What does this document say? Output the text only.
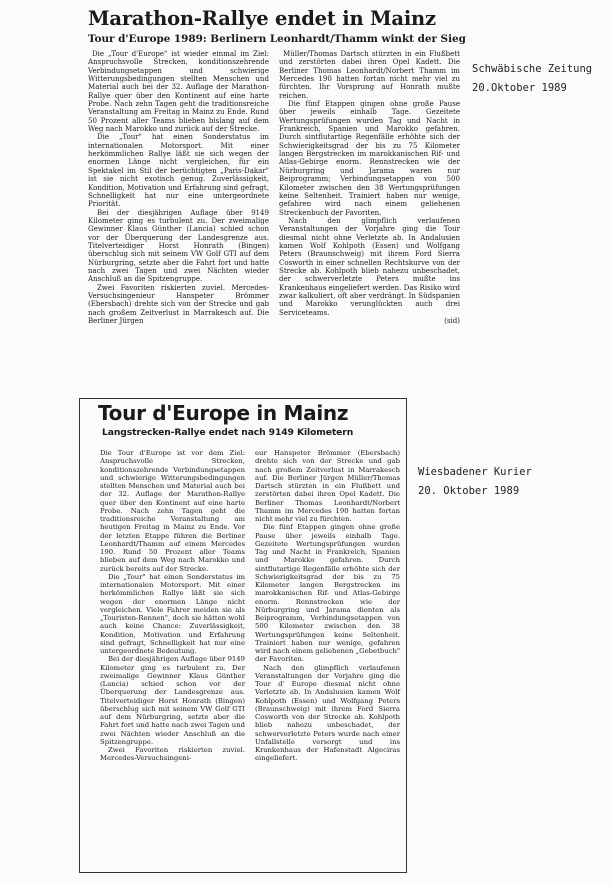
Marathon-Rallye endet in Mainz
Tour d'Europe 1989: Berlinern Leonhardt/Thamm winkt der Sieg

Die „Tour d'Europe" ist wieder einmal im Ziel: Anspruchsvolle Strecken, konditionszehrende Verbindungsetappen und schwierige Witterungsbedingungen stellten Menschen und Material auch bei der 32. Auflage der Marathon-Rallye quer über den Kontinent auf eine harte Probe. Nach zehn Tagen geht die traditionsreiche Veranstaltung am Freitag in Mainz zu Ende. Rund 50 Prozent aller Teams blieben bislang auf dem Weg nach Marokko und zurück auf der Strecke.

Die „Tour" hat einen Sonderstatus im internationalen Motorsport. Mit einer herkömmlichen Rallye läßt sie sich wegen der enormen Länge nicht vergleichen, für ein Spektakel im Stil der berüchtigten „Paris-Dakar" ist sie nicht exotisch genug. Zuverlässigkeit, Kondition, Motivation und Erfahrung sind gefragt, Schnelligkeit hat nur eine untergeordnete Priorität.

Bei der diesjährigen Auflage über 9149 Kilometer ging es turbulent zu. Der zweimalige Gewinner Klaus Günther (Lancia) schied schon vor der Überquerung der Landesgrenze aus. Titelverteidiger Horst Honrath (Bingen) überschlug sich mit seinem VW Golf GTI auf dem Nürburgring, setzte aber die Fahrt fort und hatte nach zwei Tagen und zwei Nächten wieder Anschluß an die Spitzengruppe.

Zwei Favoriten riskierten zuviel. Mercedes-Versuchsingenieur Hanspeter Brömmer (Ebersbach) drehte sich von der Strecke und gab nach großem Zeitverlust in Marrakesch auf. Die Berliner Jürgen

Müller/Thomas Dartsch stürzten in ein Flußbett und zerstörten dabei ihren Opel Kadett. Die Berliner Thomas Leonhardt/Norbert Thamm im Mercedes 190 hatten fortan nicht mehr viel zu fürchten. Ihr Vorsprung auf Honrath mußte reichen.

Die fünf Etappen gingen ohne große Pause über jeweils einhalb Tage. Gezeitete Wertungsprüfungen wurden Tag und Nacht in Frankreich, Spanien und Marokko gefahren. Durch sintflutartige Regenfälle erhöhte sich der Schwierigkeitsgrad der bis zu 75 Kilometer langen Bergstrecken im marokkanischen Rif- und Atlas-Gebirge enorm. Rennstrecken wie der Nürburgring und Jarama waren nur Beiprogramm; Verbindungsetappen von 500 Kilometer zwischen den 38 Wertungsprüfungen keine Seltenheit. Trainiert haben nur wenige, gefahren wird nach einem geliehenen Streckenbuch der Favoriten.

Nach den glimpflich verlaufenen Veranstaltungen der Vorjahre ging die Tour diesmal nicht ohne Verletzte ab. In Andalusien kamen Wolf Kohlpoth (Essen) und Wolfgang Peters (Braunschweig) mit ihrem Ford Sierra Cosworth in einer schnellen Rechtskurve von der Strecke ab. Kohlpoth blieb nahezu unbeschadet, der schwerverletzte Peters mußte ins Krankenhaus eingeliefert werden. Das Risiko wird zwar kalkuliert, oft aber verdrängt. In Südspanien und Marokko verunglückten auch drei Serviceteams.

(sid)

Schwäbische Zeitung
20.Oktober 1989
Tour d'Europe in Mainz
Langstrecken-Rallye endet nach 9149 Kilometern

Die Tour d'Europe ist vor dem Ziel: Anspruchsvolle Strecken, konditionszehrende Verbindungsetappen und schwierige Witterungsbedingungen stellten Menschen und Material auch bei der 32. Auflage der Marathon-Rallye quer über den Kontinent auf eine harte Probe. Nach zehn Tagen geht die traditionsreiche Veranstaltung am heutigen Freitag in Mainz zu Ende. Vor der letzten Etappe führen die Berliner Leonhardt/Thamm auf einem Mercedes 190. Rund 50 Prozent aller Teams blieben auf dem Weg nach Marokko und zurück bereits auf der Strecke.

Die „Tour" hat einen Sonderstatus im internationalen Motorsport. Mit einer herkömmlichen Rallye läßt sie sich wegen der enormen Länge nicht vergleichen. Viele Fahrer meiden sie als „Touristen-Rennen", doch sie hätten wohl auch keine Chance: Zuverlässigkeit, Kondition, Motivation und Erfahrung sind gefragt, Schnelligkeit hat nur eine untergeordnete Bedeutung.

Bei der diesjährigen Auflage über 9149 Kilometer ging es turbulent zu. Der zweimalige Gewinner Klaus Günther (Lancia) schied schon vor der Überquerung der Landesgrenze aus. Titelverteidiger Horst Honrath (Bingen) überschlug sich mit seinem VW Golf GTI auf dem Nürburgring, setzte aber die Fahrt fort und hatte nach zwei Tagen und zwei Nächten wieder Anschluß an die Spitzengruppe.

Zwei Favoriten riskierten zuviel. Mercedes-Versuchsingeni-

eur Hanspeter Brömmer (Ebersbach) drehte sich von der Strecke und gab nach großem Zeitverlust in Marrakesch auf. Die Berliner Jürgen Müller/Thomas Dartsch stürzten in ein Flußbett und zerstörten dabei ihren Opel Kadett. Die Berliner Thomas Leonhardt/Norbert Thamm im Mercedes 190 hatten fortan nicht mehr viel zu fürchten.

Die fünf Etappen gingen ohne große Pause über jeweils einhalb Tage. Gezeitete Wertungsprüfungen wurden Tag und Nacht in Frankreich, Spanien und Marokko gefahren. Durch sintflutartige Regenfälle erhöhte sich der Schwierigkeitsgrad der bis zu 75 Kilometer langen Bergstrecken im marokkanischen Rif- und Atlas-Gebirge enorm. Rennstrecken wie der Nürburgring und Jarama dienten als Beiprogramm, Verbindungsetappen von 500 Kilometer zwischen den 38 Wertungsprüfungen keine Seltenheit. Trainiert haben nur wenige, gefahren wird nach einem geliehenen „Gebetbuch" der Favoriten.

Nach den glimpflich verlaufenen Veranstaltungen der Vorjahre ging die Tour d' Europe diesmal nicht ohne Verletzte ab. In Andalusien kamen Wolf Kohlpoth (Essen) und Wolfgang Peters (Braunschweig) mit ihrem Ford Sierra Cosworth von der Strecke ab. Kohlpoth blieb nahezu unbeschadet, der schwerverletzte Peters wurde nach einer Unfallstelle versorgt und ins Krankenhaus der Hafenstadt Algeciras eingeliefert.

Wiesbadener Kurier
20. Oktober 1989
